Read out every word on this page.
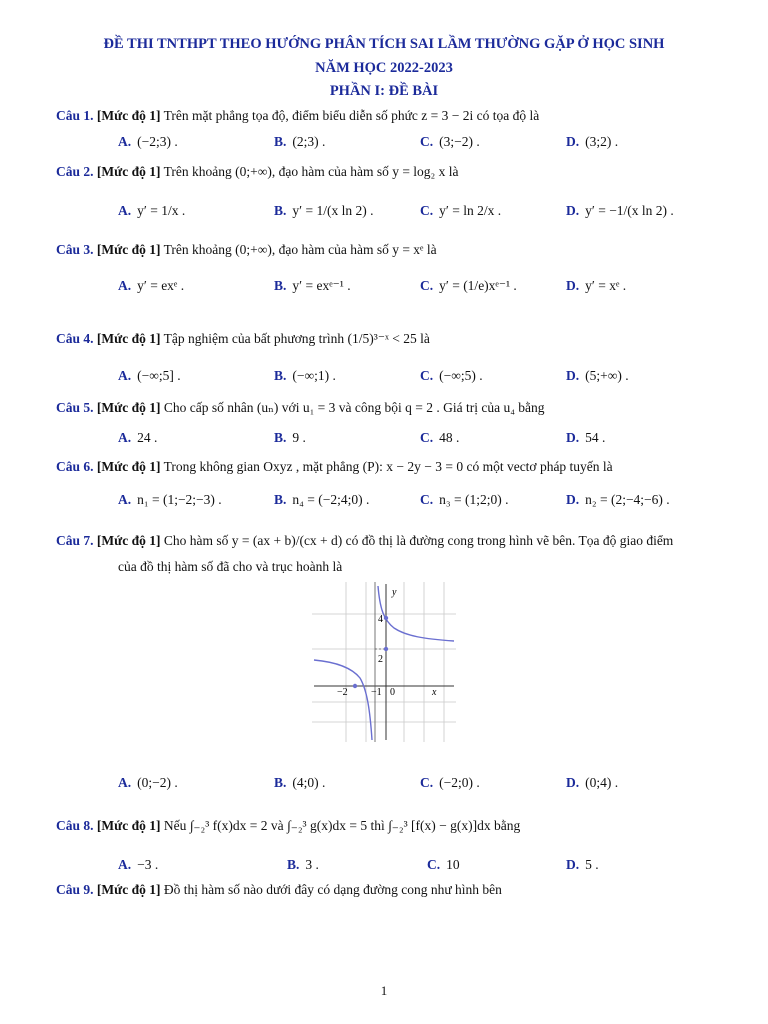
ĐỀ THI TNTHPT THEO HƯỚNG PHÂN TÍCH SAI LẦM THƯỜNG GẶP Ở HỌC SINH
NĂM HỌC 2022-2023
PHẦN I: ĐỀ BÀI
Câu 1. [Mức độ 1] Trên mặt phẳng tọa độ, điểm biểu diễn số phức z = 3 − 2i có tọa độ là
A. (−2;3) .	B. (2;3) .	C. (3;−2) .	D. (3;2) .
Câu 2. [Mức độ 1] Trên khoảng (0;+∞), đạo hàm của hàm số y = log₂ x là
A. y′ = 1/x .	B. y′ = 1/(x ln 2) .	C. y′ = ln 2/x .	D. y′ = −1/(x ln 2) .
Câu 3. [Mức độ 1] Trên khoảng (0;+∞), đạo hàm của hàm số y = xᵉ là
A. y′ = exᵉ .	B. y′ = exᵉ⁻¹ .	C. y′ = (1/e)xᵉ⁻¹ .	D. y′ = xᵉ .
Câu 4. [Mức độ 1] Tập nghiệm của bất phương trình (1/5)³⁻ˣ < 25 là
A. (−∞;5] .	B. (−∞;1) .	C. (−∞;5) .	D. (5;+∞) .
Câu 5. [Mức độ 1] Cho cấp số nhân (uₙ) với u₁ = 3 và công bội q = 2 . Giá trị của u₄ bằng
A. 24 .	B. 9 .	C. 48 .	D. 54 .
Câu 6. [Mức độ 1] Trong không gian Oxyz , mặt phẳng (P): x − 2y − 3 = 0 có một vectơ pháp tuyến là
A. n₁ = (1;−2;−3) .	B. n₄ = (−2;4;0) .	C. n₃ = (1;2;0) .	D. n₂ = (2;−4;−6) .
Câu 7. [Mức độ 1] Cho hàm số y = (ax + b)/(cx + d) có đồ thị là đường cong trong hình vẽ bên. Tọa độ giao điểm
của đồ thị hàm số đã cho và trục hoành là
y
x
4
2
−2 −1 0
A. (0;−2) .	B. (4;0) .	C. (−2;0) .	D. (0;4) .
Câu 8. [Mức độ 1] Nếu ∫₋₂³ f(x)dx = 2 và ∫₋₂³ g(x)dx = 5 thì ∫₋₂³ [f(x) − g(x)]dx bằng
A. −3 .	B. 3 .	C. 10	D. 5 .
Câu 9. [Mức độ 1] Đồ thị hàm số nào dưới đây có dạng đường cong như hình bên
1
